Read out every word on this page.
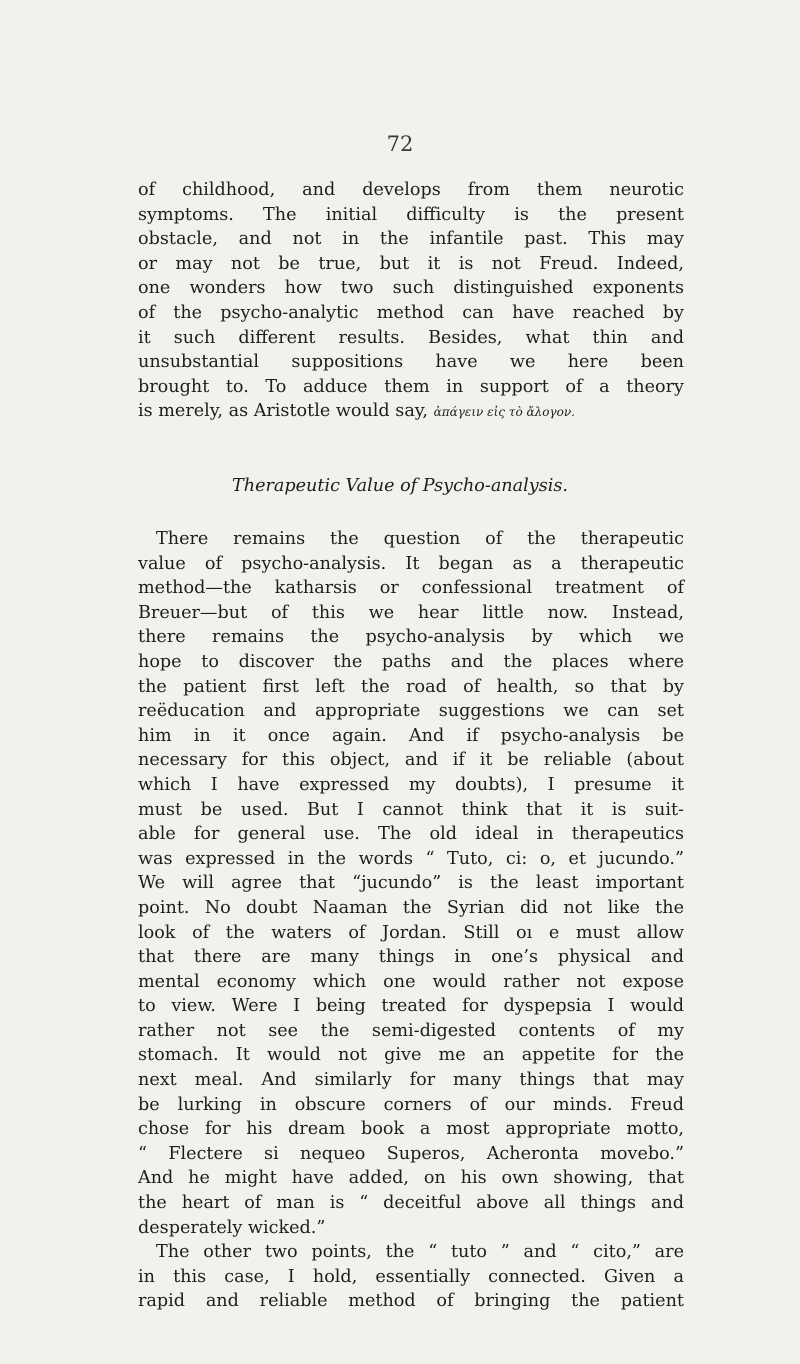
72
of childhood, and develops from them neurotic
symptoms. The initial difficulty is the present
obstacle, and not in the infantile past. This may
or may not be true, but it is not Freud. Indeed,
one wonders how two such distinguished exponents
of the psycho-analytic method can have reached by
it such different results. Besides, what thin and
unsubstantial suppositions have we here been
brought to. To adduce them in support of a theory
is merely, as Aristotle would say, ἀπάγειν εἰς τὸ ἄλογον.
Therapeutic Value of Psycho-analysis.
There remains the question of the therapeutic
value of psycho-analysis. It began as a therapeutic
method—the katharsis or confessional treatment of
Breuer—but of this we hear little now. Instead,
there remains the psycho-analysis by which we
hope to discover the paths and the places where
the patient first left the road of health, so that by
reëducation and appropriate suggestions we can set
him in it once again. And if psycho-analysis be
necessary for this object, and if it be reliable (about
which I have expressed my doubts), I presume it
must be used. But I cannot think that it is suit-
able for general use. The old ideal in therapeutics
was expressed in the words “ Tuto, ci: o, et jucundo.”
We will agree that “jucundo” is the least important
point. No doubt Naaman the Syrian did not like the
look of the waters of Jordan. Still oı e must allow
that there are many things in one’s physical and
mental economy which one would rather not expose
to view. Were I being treated for dyspepsia I would
rather not see the semi-digested contents of my
stomach. It would not give me an appetite for the
next meal. And similarly for many things that may
be lurking in obscure corners of our minds. Freud
chose for his dream book a most appropriate motto,
“ Flectere si nequeo Superos, Acheronta movebo.”
And he might have added, on his own showing, that
the heart of man is “ deceitful above all things and
desperately wicked.”
The other two points, the “ tuto ” and “ cito,” are
in this case, I hold, essentially connected. Given a
rapid and reliable method of bringing the patient
